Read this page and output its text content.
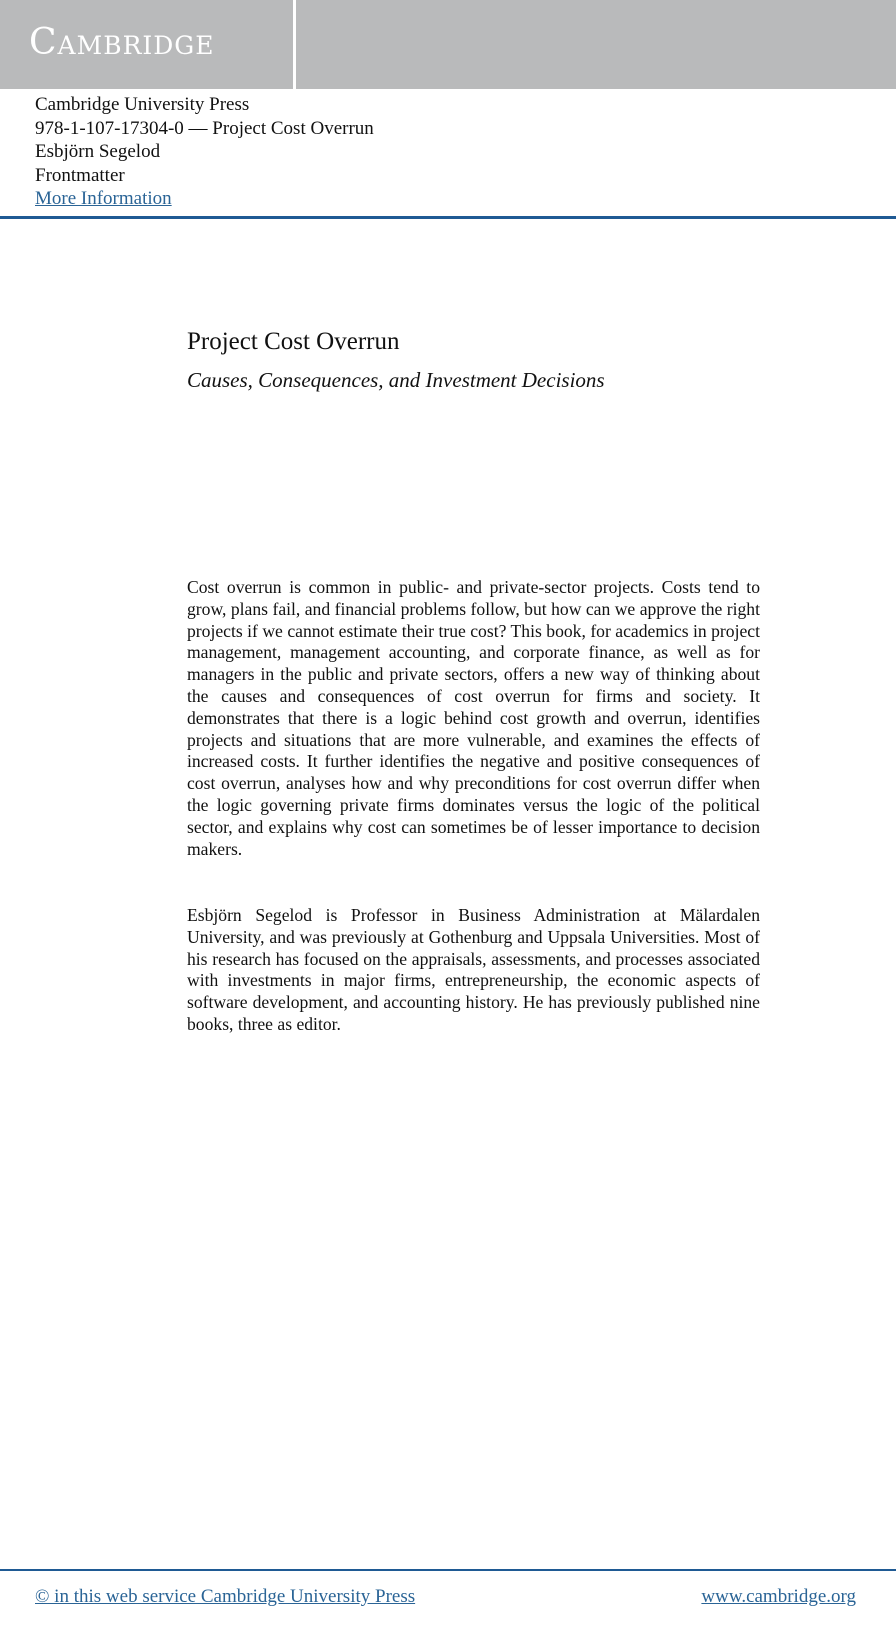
Cambridge
Cambridge University Press
978-1-107-17304-0 — Project Cost Overrun
Esbjörn Segelod
Frontmatter
More Information
Project Cost Overrun
Causes, Consequences, and Investment Decisions

Cost overrun is common in public- and private-sector projects. Costs tend to grow, plans fail, and financial problems follow, but how can we approve the right projects if we cannot estimate their true cost? This book, for academics in project management, management accounting, and corporate finance, as well as for managers in the public and private sectors, offers a new way of thinking about the causes and consequences of cost overrun for firms and society. It demonstrates that there is a logic behind cost growth and overrun, identifies projects and situations that are more vulnerable, and examines the effects of increased costs. It further identifies the negative and positive consequences of cost overrun, analyses how and why preconditions for cost overrun differ when the logic governing private firms dominates versus the logic of the political sector, and explains why cost can sometimes be of lesser importance to decision makers.

Esbjörn Segelod is Professor in Business Administration at Mälardalen University, and was previously at Gothenburg and Uppsala Universities. Most of his research has focused on the appraisals, assessments, and processes associated with investments in major firms, entrepreneurship, the economic aspects of software development, and accounting history. He has previously published nine books, three as editor.

© in this web service Cambridge University Press	www.cambridge.org
